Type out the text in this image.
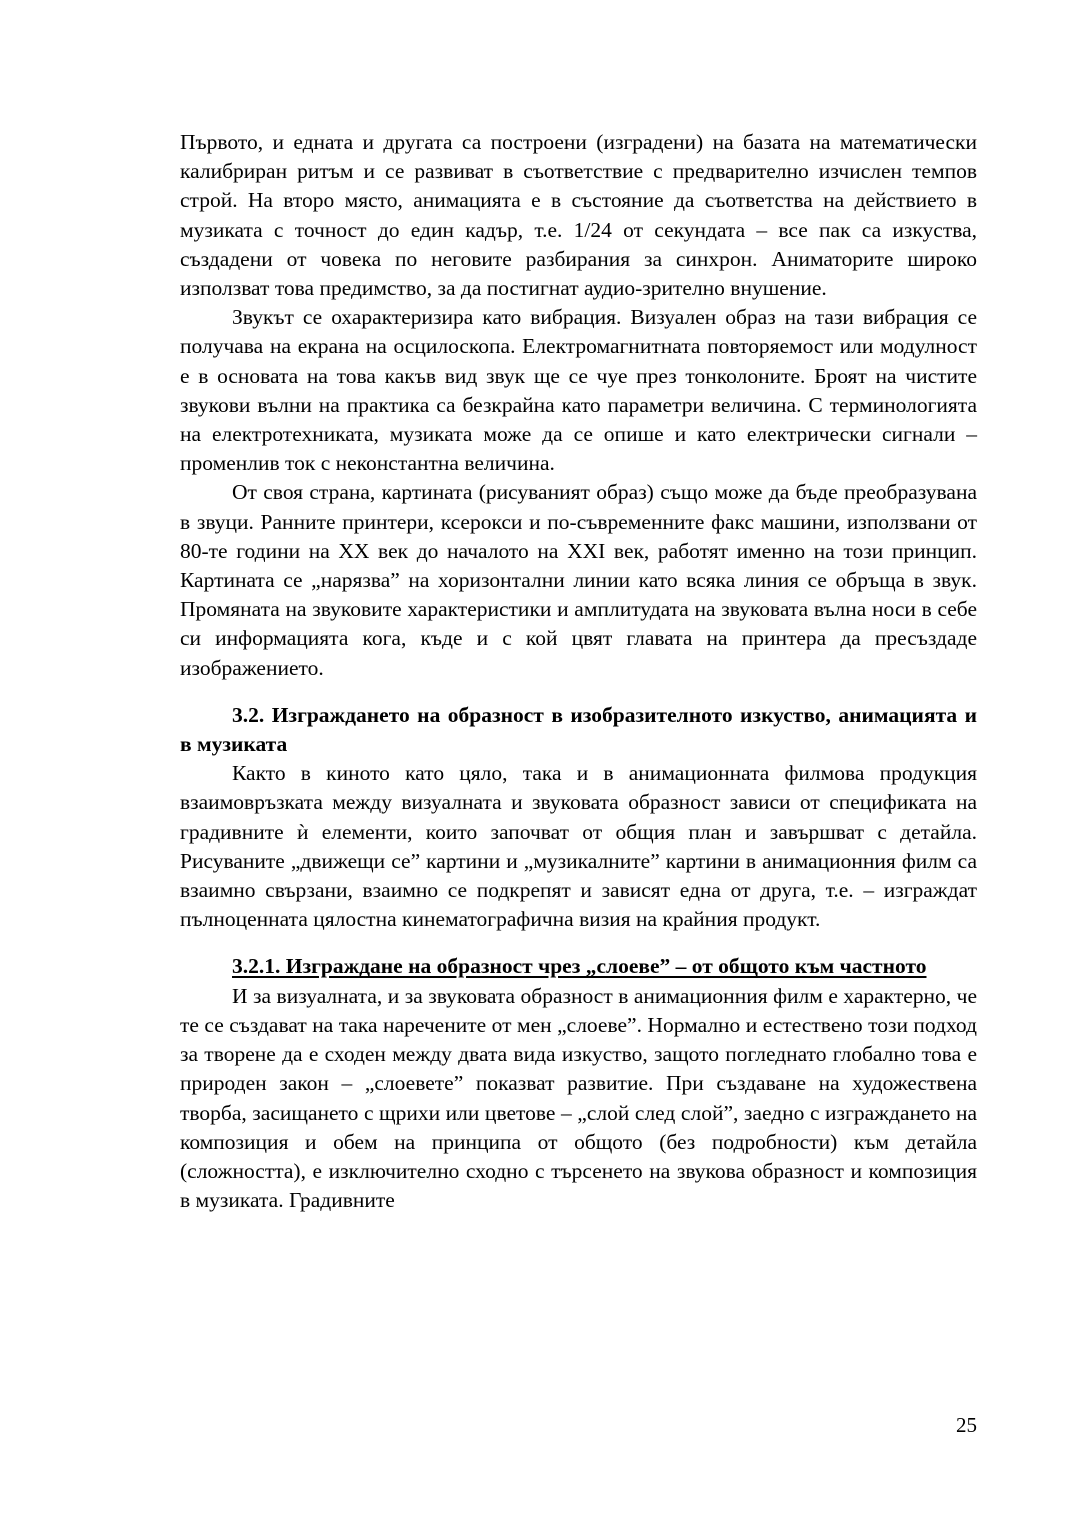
Първото, и едната и другата са построени (изградени) на базата на математически калибриран ритъм и се развиват в съответствие с предварително изчислен темпов строй. На второ място, анимацията е в състояние да съответства на действието в музиката с точност до един кадър, т.е. 1/24 от секундата – все пак са изкуства, създадени от човека по неговите разбирания за синхрон. Аниматорите широко използват това предимство, за да постигнат аудио-зрително внушение.

Звукът се охарактеризира като вибрация. Визуален образ на тази вибрация се получава на екрана на осцилоскопа. Електромагнитната повторяемост или модулност е в основата на това какъв вид звук ще се чуе през тонколоните. Броят на чистите звукови вълни на практика са безкрайна като параметри величина. С терминологията на електротехниката, музиката може да се опише и като електрически сигнали – променлив ток с неконстантна величина.

От своя страна, картината (рисуваният образ) също може да бъде преобразувана в звуци. Ранните принтери, ксерокси и по-съвременните факс машини, използвани от 80-те години на XX век до началото на XXI век, работят именно на този принцип. Картината се „нарязва” на хоризонтални линии като всяка линия се обръща в звук. Промяната на звуковите характеристики и амплитудата на звуковата вълна носи в себе си информацията кога, къде и с кой цвят главата на принтера да пресъздаде изображението.

3.2. Изграждането на образност в изобразителното изкуство, анимацията и в музиката

Както в киното като цяло, така и в анимационната филмова продукция взаимовръзката между визуалната и звуковата образност зависи от спецификата на градивните ѝ елементи, които започват от общия план и завършват с детайла. Рисуваните „движещи се” картини и „музикалните” картини в анимационния филм са взаимно свързани, взаимно се подкрепят и зависят една от друга, т.е. – изграждат пълноценната цялостна кинематографична визия на крайния продукт.

3.2.1. Изграждане на образност чрез „слоеве” – от общото към частното

И за визуалната, и за звуковата образност в анимационния филм е характерно, че те се създават на така наречените от мен „слоеве”. Нормално и естествено този подход за творене да е сходен между двата вида изкуство, защото погледнато глобално това е природен закон – „слоевете” показват развитие. При създаване на художествена творба, засищането с щрихи или цветове – „слой след слой”, заедно с изграждането на композиция и обем на принципа от общото (без подробности) към детайла (сложността), е изключително сходно с търсенето на звукова образност и композиция в музиката. Градивните

25
